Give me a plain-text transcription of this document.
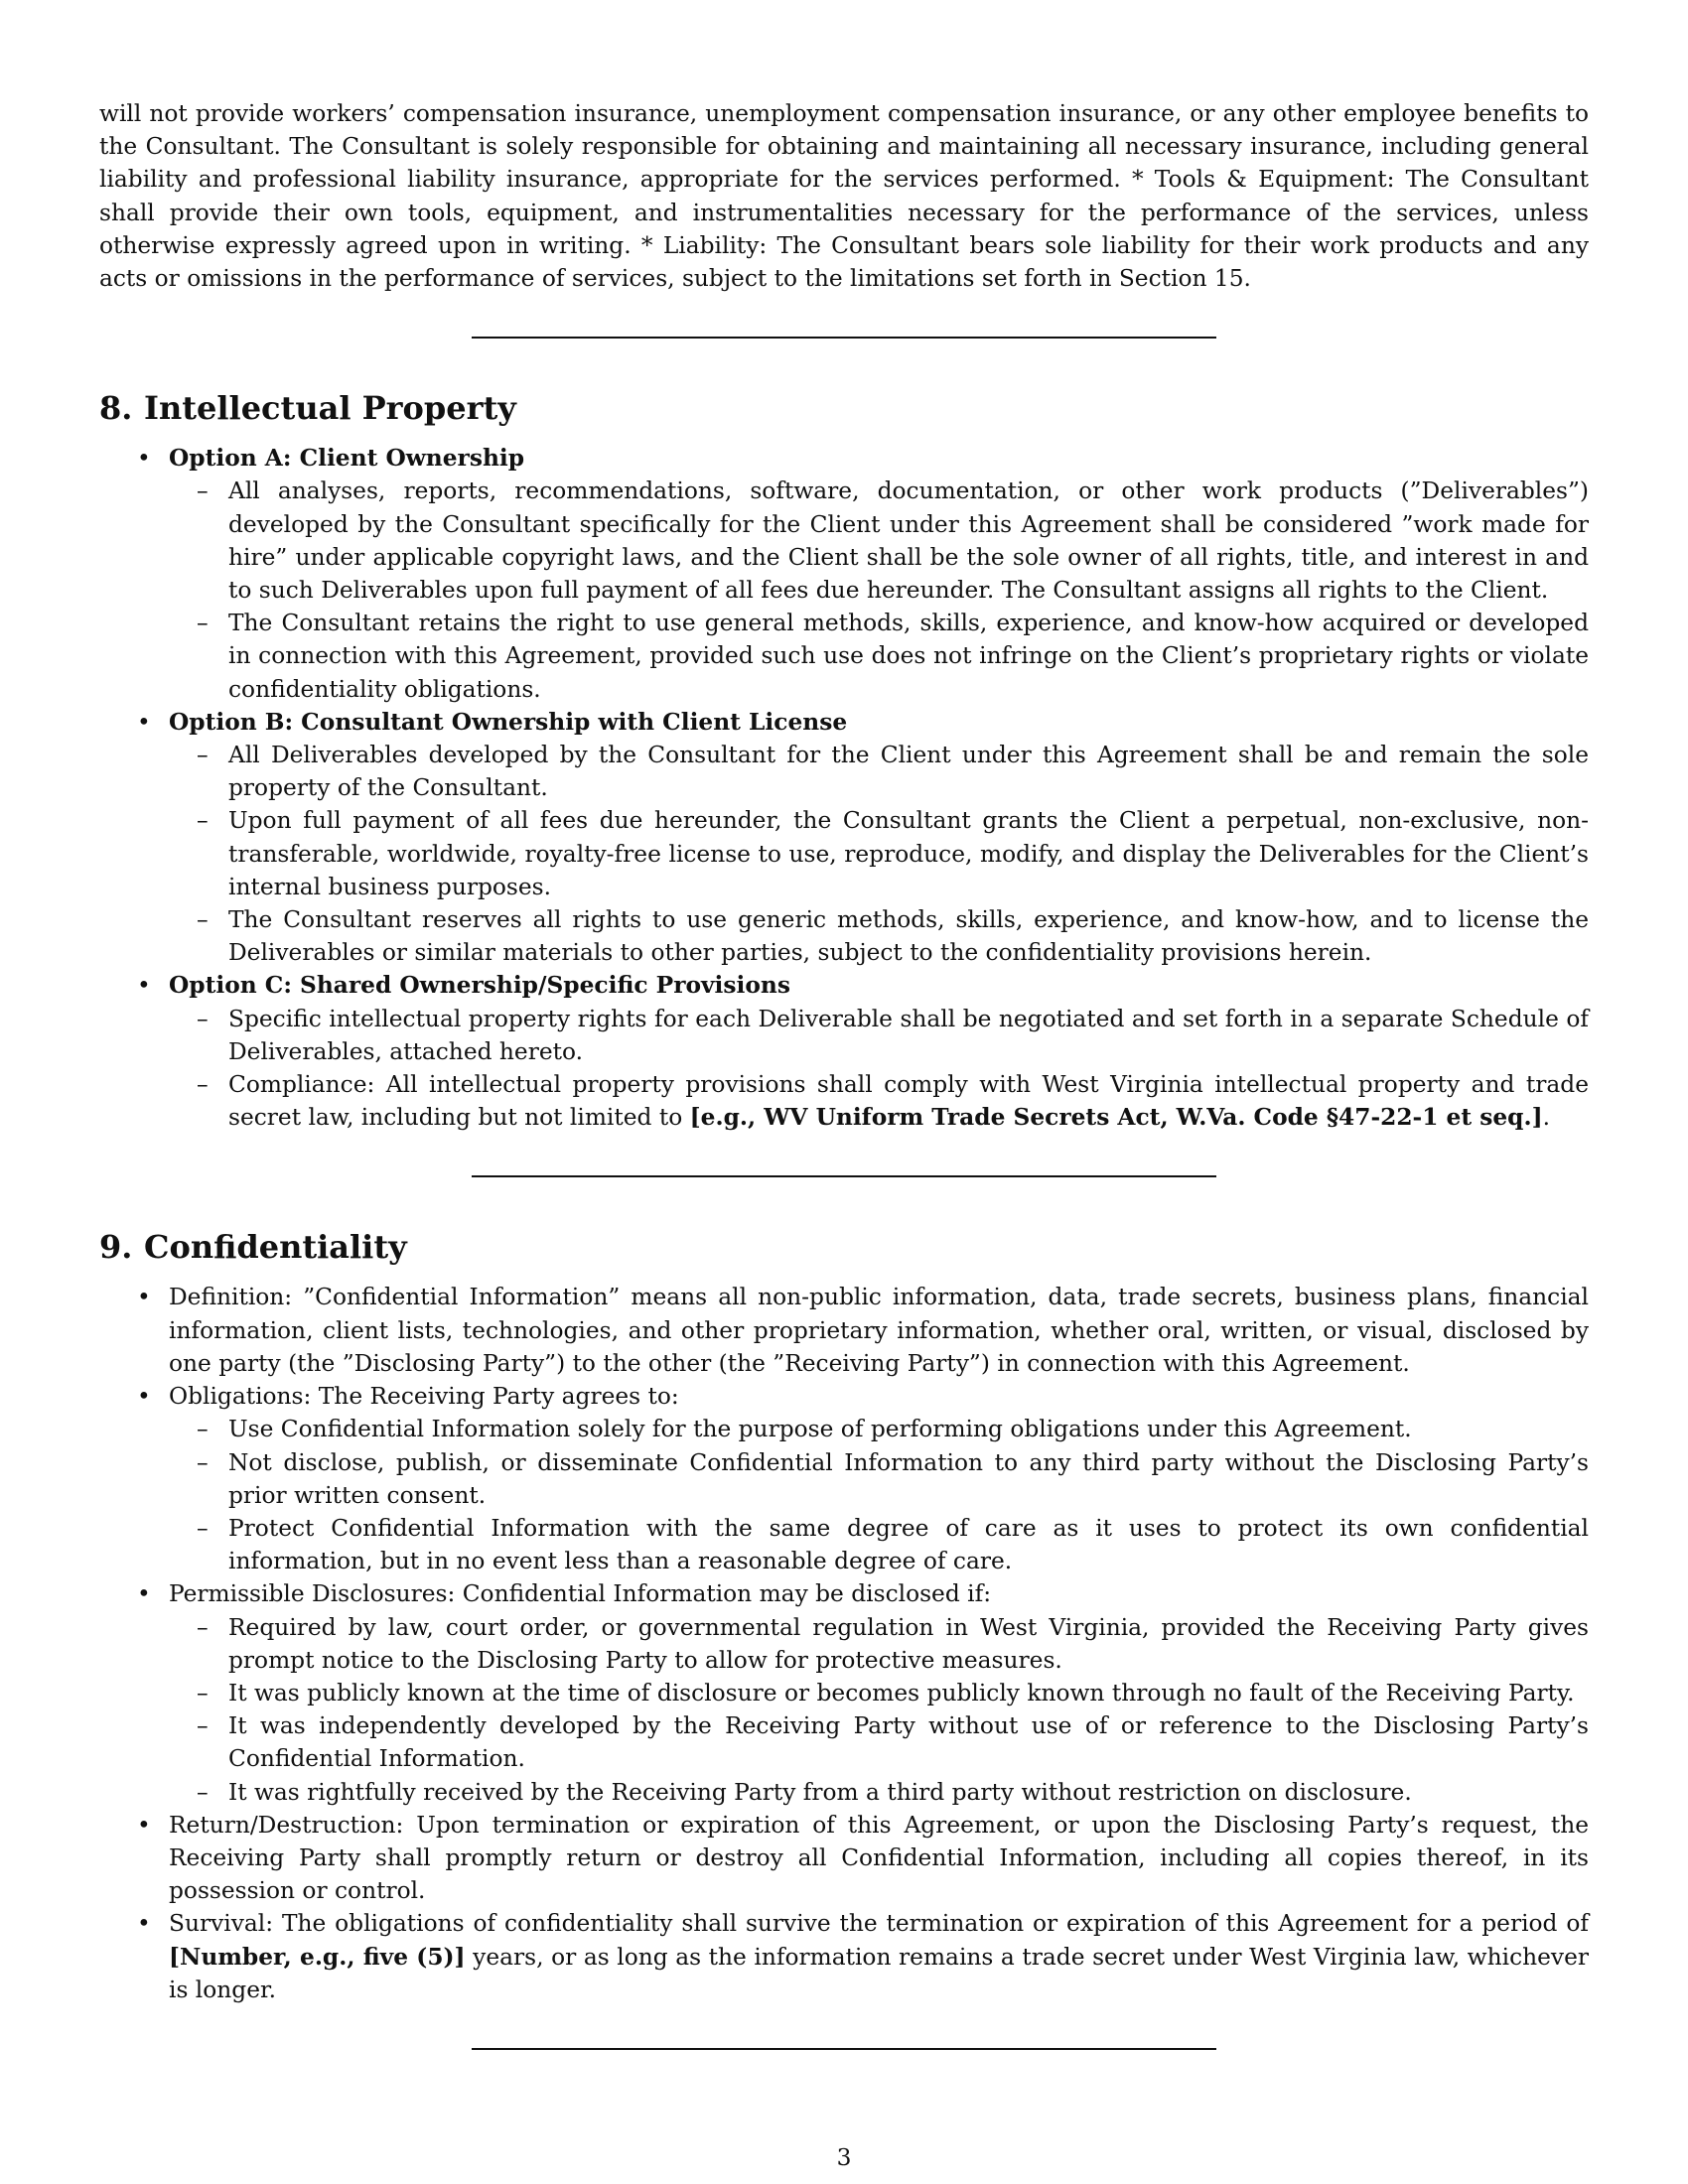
will not provide workers’ compensation insurance, unemployment compensation insurance, or any other employee benefits to the Consultant. The Consultant is solely responsible for obtaining and maintaining all necessary insurance, including general liability and professional liability insurance, appropriate for the services performed. * Tools & Equipment: The Consultant shall provide their own tools, equipment, and instrumentalities necessary for the performance of the services, unless otherwise expressly agreed upon in writing. * Liability: The Consultant bears sole liability for their work products and any acts or omissions in the performance of services, subject to the limitations set forth in Section 15.

8. Intellectual Property
• Option A: Client Ownership
– All analyses, reports, recommendations, software, documentation, or other work products (”Deliverables”) developed by the Consultant specifically for the Client under this Agreement shall be considered ”work made for hire” under applicable copyright laws, and the Client shall be the sole owner of all rights, title, and interest in and to such Deliverables upon full payment of all fees due hereunder. The Consultant assigns all rights to the Client.
– The Consultant retains the right to use general methods, skills, experience, and know-how acquired or developed in connection with this Agreement, provided such use does not infringe on the Client’s proprietary rights or violate confidentiality obligations.
• Option B: Consultant Ownership with Client License
– All Deliverables developed by the Consultant for the Client under this Agreement shall be and remain the sole property of the Consultant.
– Upon full payment of all fees due hereunder, the Consultant grants the Client a perpetual, non-exclusive, non-transferable, worldwide, royalty-free license to use, reproduce, modify, and display the Deliverables for the Client’s internal business purposes.
– The Consultant reserves all rights to use generic methods, skills, experience, and know-how, and to license the Deliverables or similar materials to other parties, subject to the confidentiality provisions herein.
• Option C: Shared Ownership/Specific Provisions
– Specific intellectual property rights for each Deliverable shall be negotiated and set forth in a separate Schedule of Deliverables, attached hereto.
– Compliance: All intellectual property provisions shall comply with West Virginia intellectual property and trade secret law, including but not limited to [e.g., WV Uniform Trade Secrets Act, W.Va. Code §47-22-1 et seq.].
9. Confidentiality
• Definition: ”Confidential Information” means all non-public information, data, trade secrets, business plans, financial information, client lists, technologies, and other proprietary information, whether oral, written, or visual, disclosed by one party (the ”Disclosing Party”) to the other (the ”Receiving Party”) in connection with this Agreement.
• Obligations: The Receiving Party agrees to:
– Use Confidential Information solely for the purpose of performing obligations under this Agreement.
– Not disclose, publish, or disseminate Confidential Information to any third party without the Disclosing Party’s prior written consent.
– Protect Confidential Information with the same degree of care as it uses to protect its own confidential information, but in no event less than a reasonable degree of care.
• Permissible Disclosures: Confidential Information may be disclosed if:
– Required by law, court order, or governmental regulation in West Virginia, provided the Receiving Party gives prompt notice to the Disclosing Party to allow for protective measures.
– It was publicly known at the time of disclosure or becomes publicly known through no fault of the Receiving Party.
– It was independently developed by the Receiving Party without use of or reference to the Disclosing Party’s Confidential Information.
– It was rightfully received by the Receiving Party from a third party without restriction on disclosure.
• Return/Destruction: Upon termination or expiration of this Agreement, or upon the Disclosing Party’s request, the Receiving Party shall promptly return or destroy all Confidential Information, including all copies thereof, in its possession or control.
• Survival: The obligations of confidentiality shall survive the termination or expiration of this Agreement for a period of [Number, e.g., five (5)] years, or as long as the information remains a trade secret under West Virginia law, whichever is longer.
3
